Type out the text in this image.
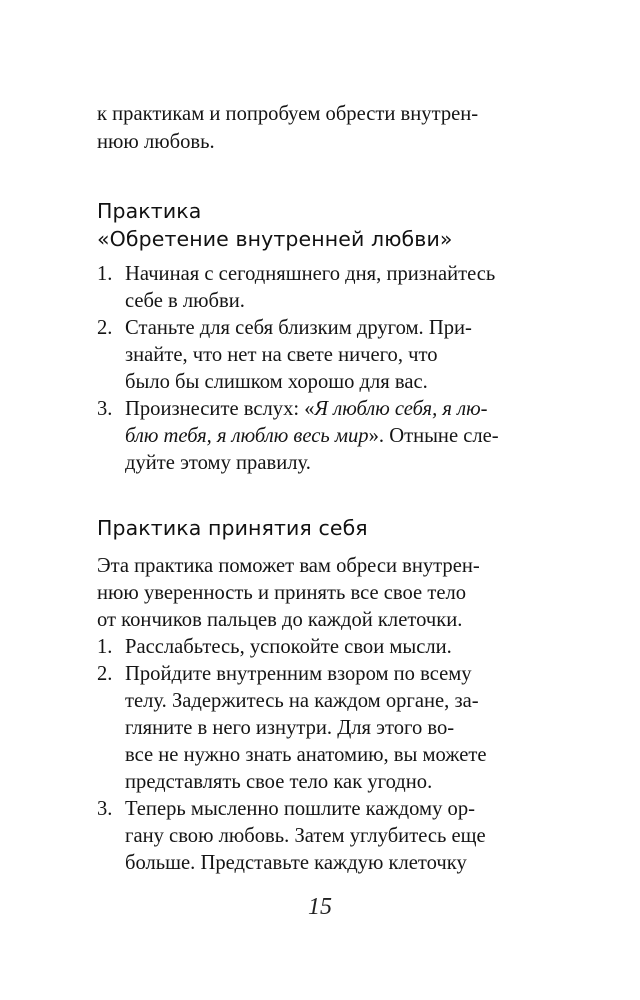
к практикам и попробуем обрести внутрен-
нюю любовь.
Практика
«Обретение внутренней любви»
1. Начиная с сегодняшнего дня, признайтесь
себе в любви.
2. Станьте для себя близким другом. При-
знайте, что нет на свете ничего, что
было бы слишком хорошо для вас.
3. Произнесите вслух: «Я люблю себя, я лю-
блю тебя, я люблю весь мир». Отныне сле-
дуйте этому правилу.
Практика принятия себя
Эта практика поможет вам обреси внутрен-
нюю уверенность и принять все свое тело
от кончиков пальцев до каждой клеточки.
1. Расслабьтесь, успокойте свои мысли.
2. Пройдите внутренним взором по всему
телу. Задержитесь на каждом органе, за-
гляните в него изнутри. Для этого во-
все не нужно знать анатомию, вы можете
представлять свое тело как угодно.
3. Теперь мысленно пошлите каждому ор-
гану свою любовь. Затем углубитесь еще
больше. Представьте каждую клеточку
15
